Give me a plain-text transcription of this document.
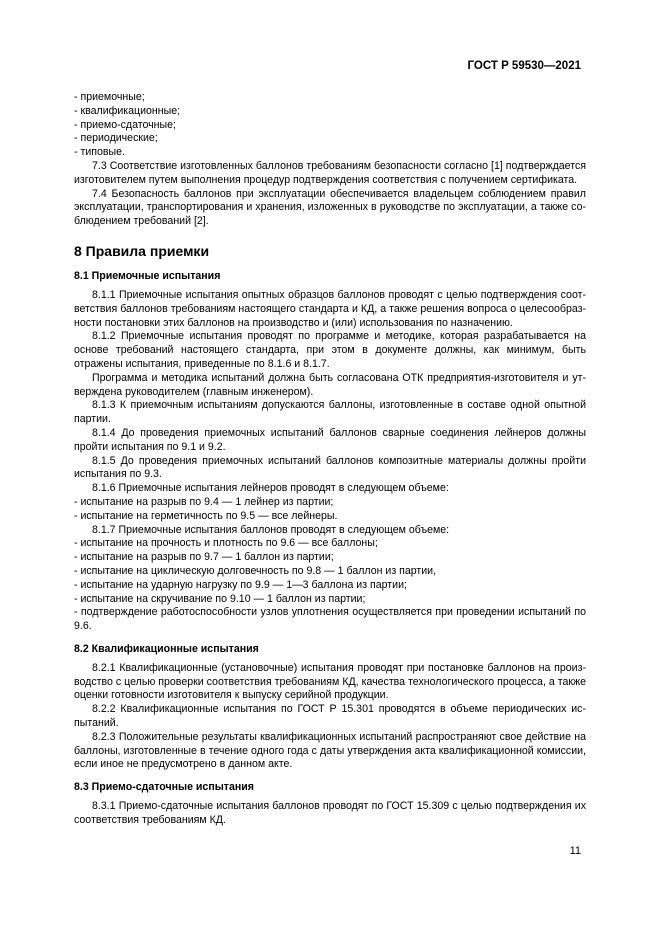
ГОСТ Р 59530—2021

- приемочные;

- квалификационные;

- приемо-сдаточные;

- периодические;

- типовые.

7.3 Соответствие изготовленных баллонов требованиям безопасности согласно [1] подтверждается изготовителем путем выполнения процедур подтверждения соответствия с получением сертификата.

7.4 Безопасность баллонов при эксплуатации обеспечивается владельцем соблюдением правил эксплуатации, транспортирования и хранения, изложенных в руководстве по эксплуатации, а также соблюдением требований [2].

8 Правила приемки
8.1 Приемочные испытания

8.1.1 Приемочные испытания опытных образцов баллонов проводят с целью подтверждения соответствия баллонов требованиям настоящего стандарта и КД, а также решения вопроса о целесообразности постановки этих баллонов на производство и (или) использования по назначению.

8.1.2 Приемочные испытания проводят по программе и методике, которая разрабатывается на основе требований настоящего стандарта, при этом в документе должны, как минимум, быть отражены испытания, приведенные по 8.1.6 и 8.1.7.

Программа и методика испытаний должна быть согласована ОТК предприятия-изготовителя и утверждена руководителем (главным инженером).

8.1.3 К приемочным испытаниям допускаются баллоны, изготовленные в составе одной опытной партии.

8.1.4 До проведения приемочных испытаний баллонов сварные соединения лейнеров должны пройти испытания по 9.1 и 9.2.

8.1.5 До проведения приемочных испытаний баллонов композитные материалы должны пройти испытания по 9.3.

8.1.6 Приемочные испытания лейнеров проводят в следующем объеме:

- испытание на разрыв по 9.4 — 1 лейнер из партии;

- испытание на герметичность по 9.5 — все лейнеры.

8.1.7 Приемочные испытания баллонов проводят в следующем объеме:

- испытание на прочность и плотность по 9.6 — все баллоны;

- испытание на разрыв по 9.7 — 1 баллон из партии;

- испытание на циклическую долговечность по 9.8 — 1 баллон из партии,

- испытание на ударную нагрузку по 9.9 — 1—3 баллона из партии;

- испытание на скручивание по 9.10 — 1 баллон из партии;

- подтверждение работоспособности узлов уплотнения осуществляется при проведении испытаний по 9.6.

8.2 Квалификационные испытания

8.2.1 Квалификационные (установочные) испытания проводят при постановке баллонов на производство с целью проверки соответствия требованиям КД, качества технологического процесса, а также оценки готовности изготовителя к выпуску серийной продукции.

8.2.2 Квалификационные испытания по ГОСТ Р 15.301 проводятся в объеме периодических испытаний.

8.2.3 Положительные результаты квалификационных испытаний распространяют свое действие на баллоны, изготовленные в течение одного года с даты утверждения акта квалификационной комиссии, если иное не предусмотрено в данном акте.

8.3 Приемо-сдаточные испытания

8.3.1 Приемо-сдаточные испытания баллонов проводят по ГОСТ 15.309 с целью подтверждения их соответствия требованиям КД.

11
